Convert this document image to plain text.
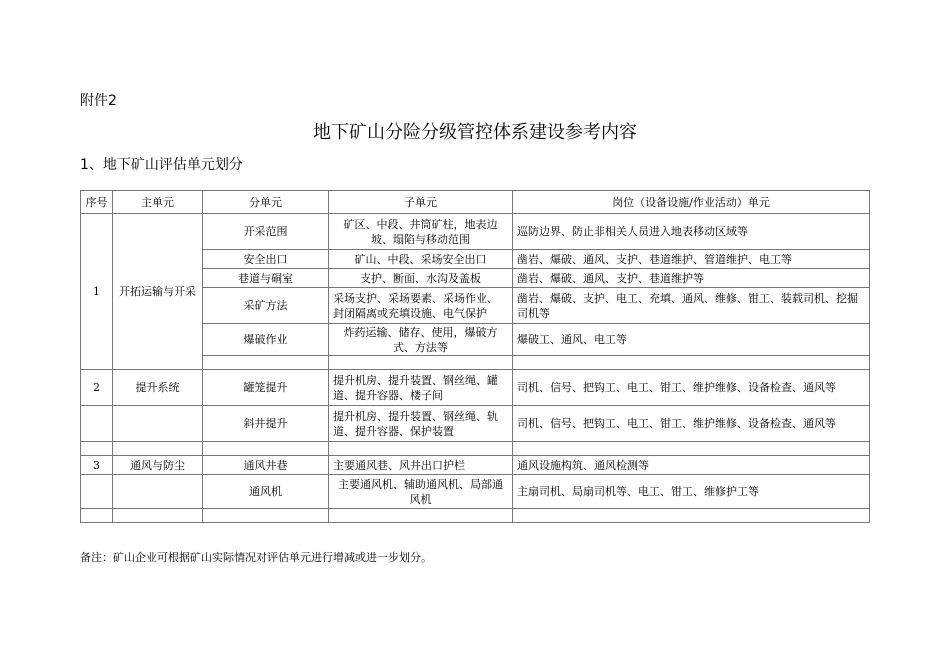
附件2
地下矿山分险分级管控体系建设参考内容
1、地下矿山评估单元划分
序号	主单元	分单元	子单元	岗位（设备设施/作业活动）单元
1	开拓运输与开采	开采范围	矿区、中段、井筒矿柱，地表边坡、塌陷与移动范围	巡防边界、防止非相关人员进入地表移动区域等
		安全出口	矿山、中段、采场安全出口	凿岩、爆破、通风、支护、巷道维护、管道维护、电工等
		巷道与硐室	支护、断面、水沟及盖板	凿岩、爆破、通风、支护、巷道维护等
		采矿方法	采场支护、采场要素、采场作业、封闭隔离或充填设施、电气保护	凿岩、爆破、支护、电工、充填、通风、维修、钳工、装载司机、挖掘司机等
		爆破作业	炸药运输、储存、使用，爆破方式、方法等	爆破工、通风、电工等

2	提升系统	罐笼提升	提升机房、提升装置、钢丝绳、罐道、提升容器、楼子间	司机、信号、把钩工、电工、钳工、维护维修、设备检查、通风等
		斜井提升	提升机房、提升装置、钢丝绳、轨道、提升容器、保护装置	司机、信号、把钩工、电工、钳工、维护维修、设备检查、通风等

3	通风与防尘	通风井巷	主要通风巷、风井出口护栏	通风设施构筑、通风检测等
		通风机	主要通风机、辅助通风机、局部通风机	主扇司机、局扇司机等、电工、钳工、维修护工等

备注：矿山企业可根据矿山实际情况对评估单元进行增减或进一步划分。
